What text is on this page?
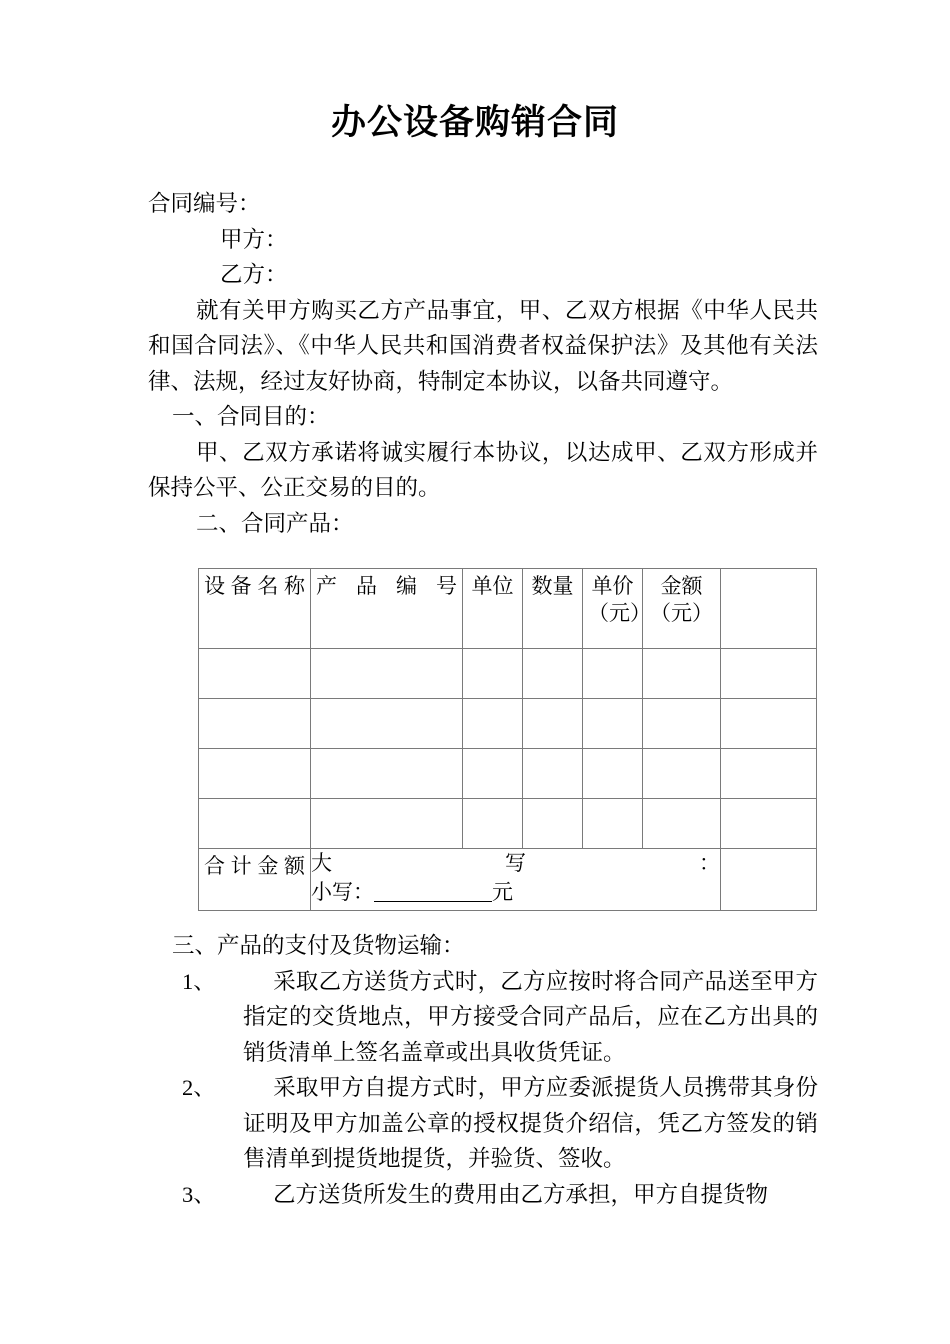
办公设备购销合同
合同编号：
甲方：
乙方：

就有关甲方购买乙方产品事宜，甲、乙双方根据《中华人民共和国合同法》、《中华人民共和国消费者权益保护法》及其他有关法律、法规，经过友好协商，特制定本协议，以备共同遵守。

一、合同目的：

甲、乙双方承诺将诚实履行本协议，以达成甲、乙双方形成并保持公平、公正交易的目的。

二、合同产品：
设备名称	产品编号	单位	数量	单价（元）	金额（元）	

合计金额	大写：
小写： 元					

三、产品的支付及货物运输：
1、	采取乙方送货方式时，乙方应按时将合同产品送至甲方指定的交货地点，甲方接受合同产品后，应在乙方出具的销货清单上签名盖章或出具收货凭证。
2、	采取甲方自提方式时，甲方应委派提货人员携带其身份证明及甲方加盖公章的授权提货介绍信，凭乙方签发的销售清单到提货地提货，并验货、签收。
3、	乙方送货所发生的费用由乙方承担，甲方自提货物
